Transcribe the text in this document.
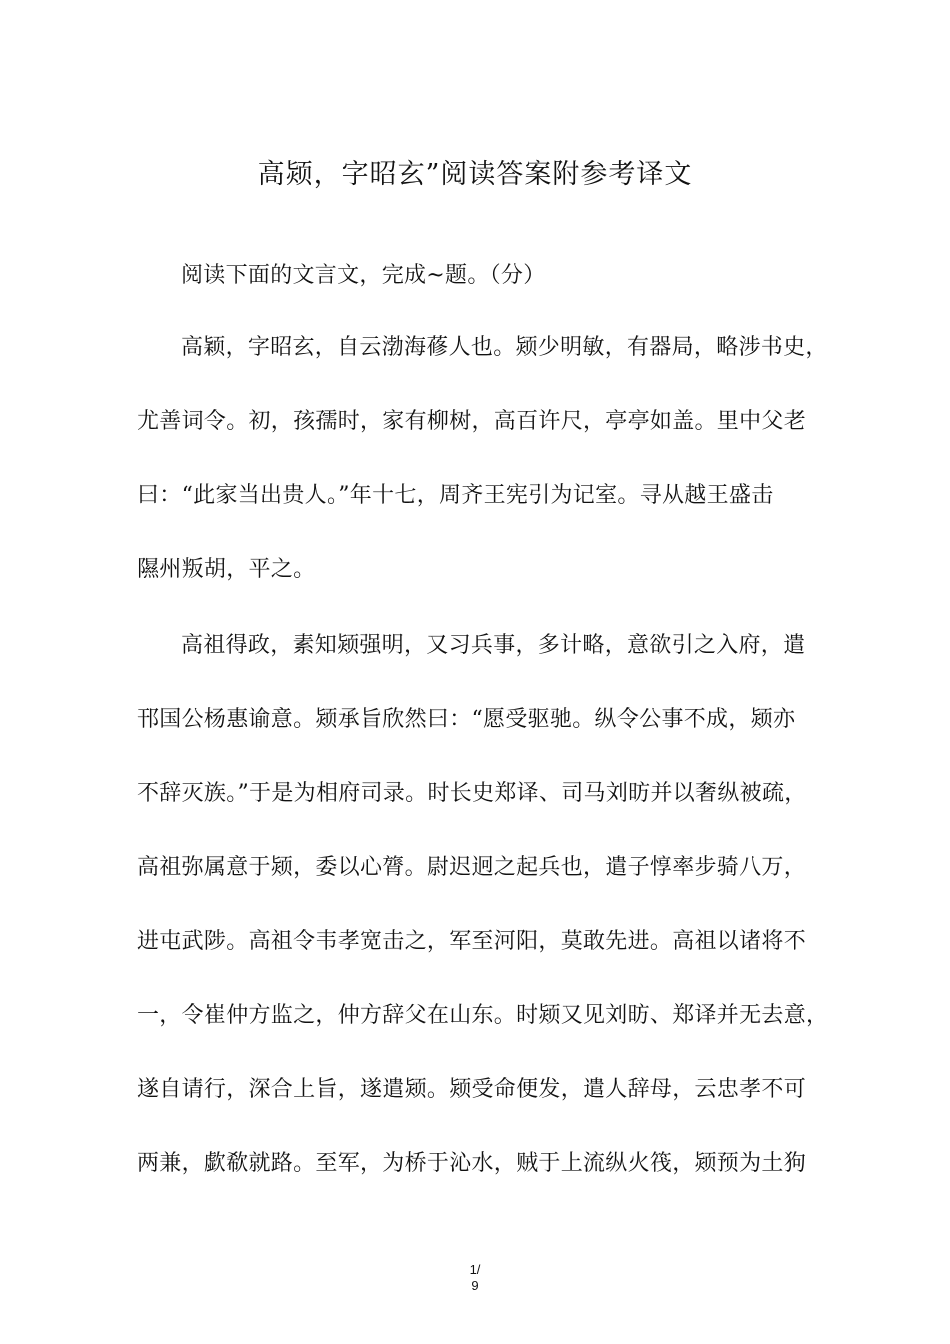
高颎，字昭玄”阅读答案附参考译文
阅读下面的文言文，完成~题。（分）
高颖，字昭玄，自云渤海蓚人也。颎少明敏，有器局，略涉书史，
尤善词令。初，孩孺时，家有柳树，高百许尺，亭亭如盖。里中父老
曰：“此家当出贵人。”年十七，周齐王宪引为记室。寻从越王盛击
隰州叛胡，平之。
高祖得政，素知颎强明，又习兵事，多计略，意欲引之入府，遣
邗国公杨惠谕意。颎承旨欣然曰：“愿受驱驰。纵令公事不成，颎亦
不辞灭族。”于是为相府司录。时长史郑译、司马刘昉并以奢纵被疏，
高祖弥属意于颎，委以心膂。尉迟迥之起兵也，遣子惇率步骑八万，
进屯武陟。高祖令韦孝宽击之，军至河阳，莫敢先进。高祖以诸将不
一，令崔仲方监之，仲方辞父在山东。时颎又见刘昉、郑译并无去意，
遂自请行，深合上旨，遂遣颎。颎受命便发，遣人辞母，云忠孝不可
两兼，歔欷就路。至军，为桥于沁水，贼于上流纵火筏，颎预为土狗
1/
9
